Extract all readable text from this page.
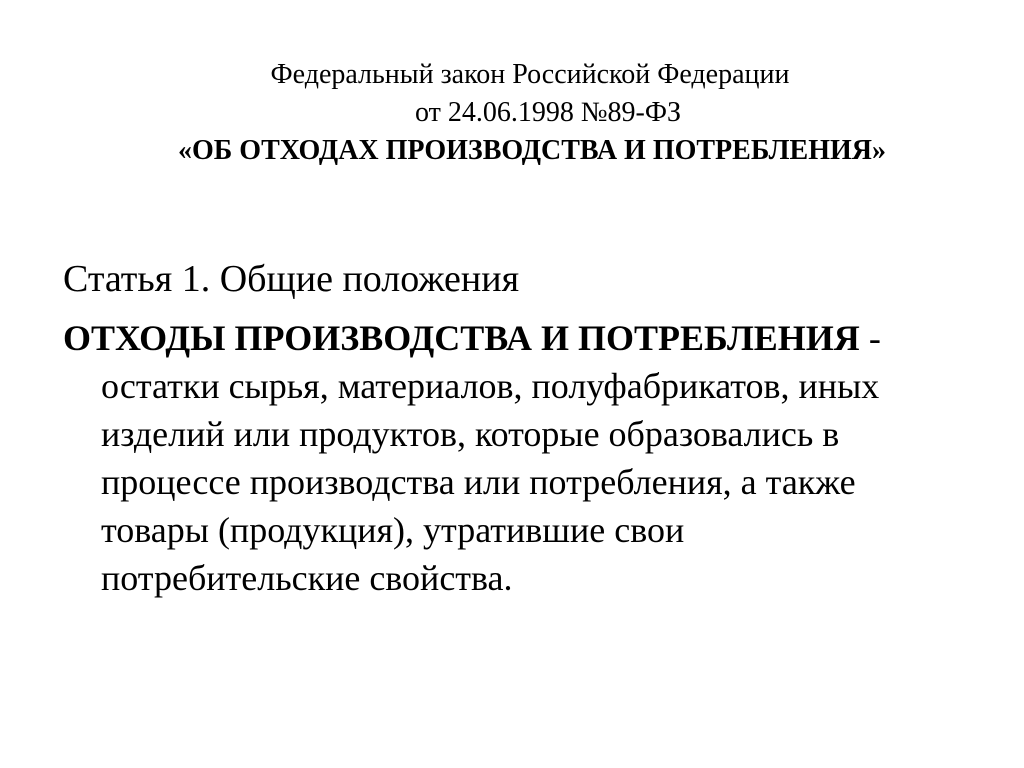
Федеральный закон Российской Федерации
от 24.06.1998 №89-ФЗ
«ОБ ОТХОДАХ ПРОИЗВОДСТВА И ПОТРЕБЛЕНИЯ»
Статья 1. Общие положения
ОТХОДЫ ПРОИЗВОДСТВА И ПОТРЕБЛЕНИЯ -
остатки сырья, материалов, полуфабрикатов, иных
изделий или продуктов, которые образовались в
процессе производства или потребления, а также
товары (продукция), утратившие свои
потребительские свойства.
